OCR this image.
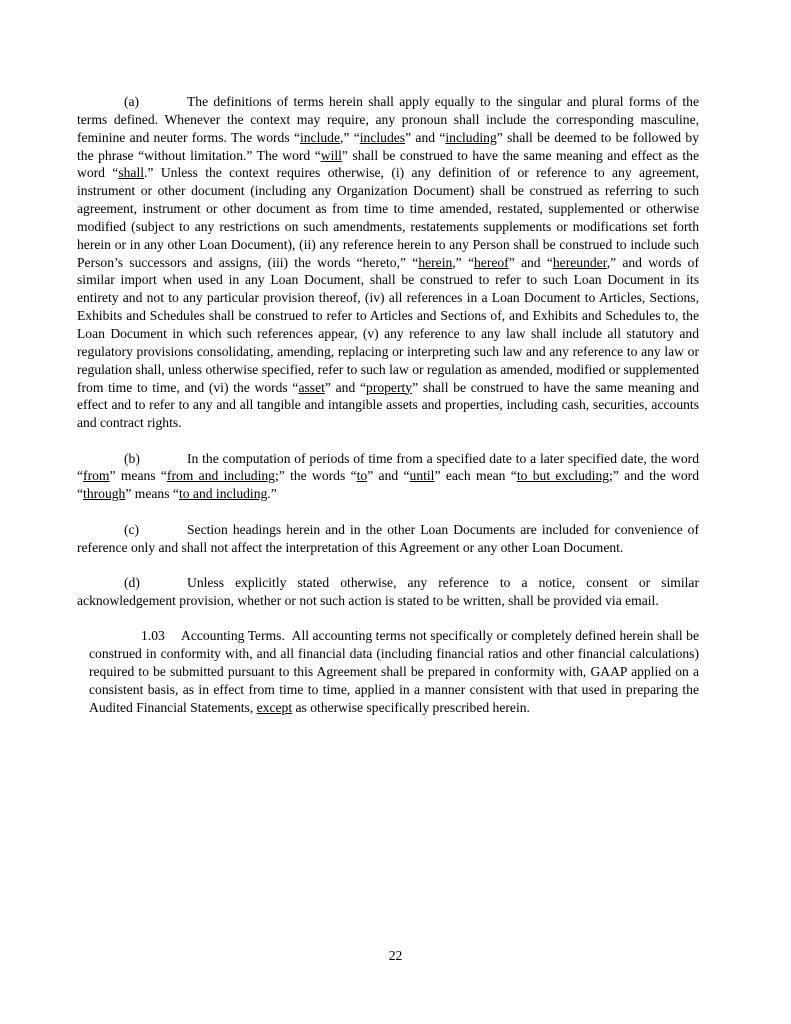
(a)	The definitions of terms herein shall apply equally to the singular and plural forms of the terms defined. Whenever the context may require, any pronoun shall include the corresponding masculine, feminine and neuter forms. The words “include,” “includes” and “including” shall be deemed to be followed by the phrase “without limitation.” The word “will” shall be construed to have the same meaning and effect as the word “shall.” Unless the context requires otherwise, (i) any definition of or reference to any agreement, instrument or other document (including any Organization Document) shall be construed as referring to such agreement, instrument or other document as from time to time amended, restated, supplemented or otherwise modified (subject to any restrictions on such amendments, restatements supplements or modifications set forth herein or in any other Loan Document), (ii) any reference herein to any Person shall be construed to include such Person’s successors and assigns, (iii) the words “hereto,” “herein,” “hereof” and “hereunder,” and words of similar import when used in any Loan Document, shall be construed to refer to such Loan Document in its entirety and not to any particular provision thereof, (iv) all references in a Loan Document to Articles, Sections, Exhibits and Schedules shall be construed to refer to Articles and Sections of, and Exhibits and Schedules to, the Loan Document in which such references appear, (v) any reference to any law shall include all statutory and regulatory provisions consolidating, amending, replacing or interpreting such law and any reference to any law or regulation shall, unless otherwise specified, refer to such law or regulation as amended, modified or supplemented from time to time, and (vi) the words “asset” and “property” shall be construed to have the same meaning and effect and to refer to any and all tangible and intangible assets and properties, including cash, securities, accounts and contract rights.

(b)	In the computation of periods of time from a specified date to a later specified date, the word “from” means “from and including;” the words “to” and “until” each mean “to but excluding;” and the word “through” means “to and including.”

(c)	Section headings herein and in the other Loan Documents are included for convenience of reference only and shall not affect the interpretation of this Agreement or any other Loan Document.

(d)	Unless explicitly stated otherwise, any reference to a notice, consent or similar acknowledgement provision, whether or not such action is stated to be written, shall be provided via email.

1.03 Accounting Terms. All accounting terms not specifically or completely defined herein shall be construed in conformity with, and all financial data (including financial ratios and other financial calculations) required to be submitted pursuant to this Agreement shall be prepared in conformity with, GAAP applied on a consistent basis, as in effect from time to time, applied in a manner consistent with that used in preparing the Audited Financial Statements, except as otherwise specifically prescribed herein.

22
